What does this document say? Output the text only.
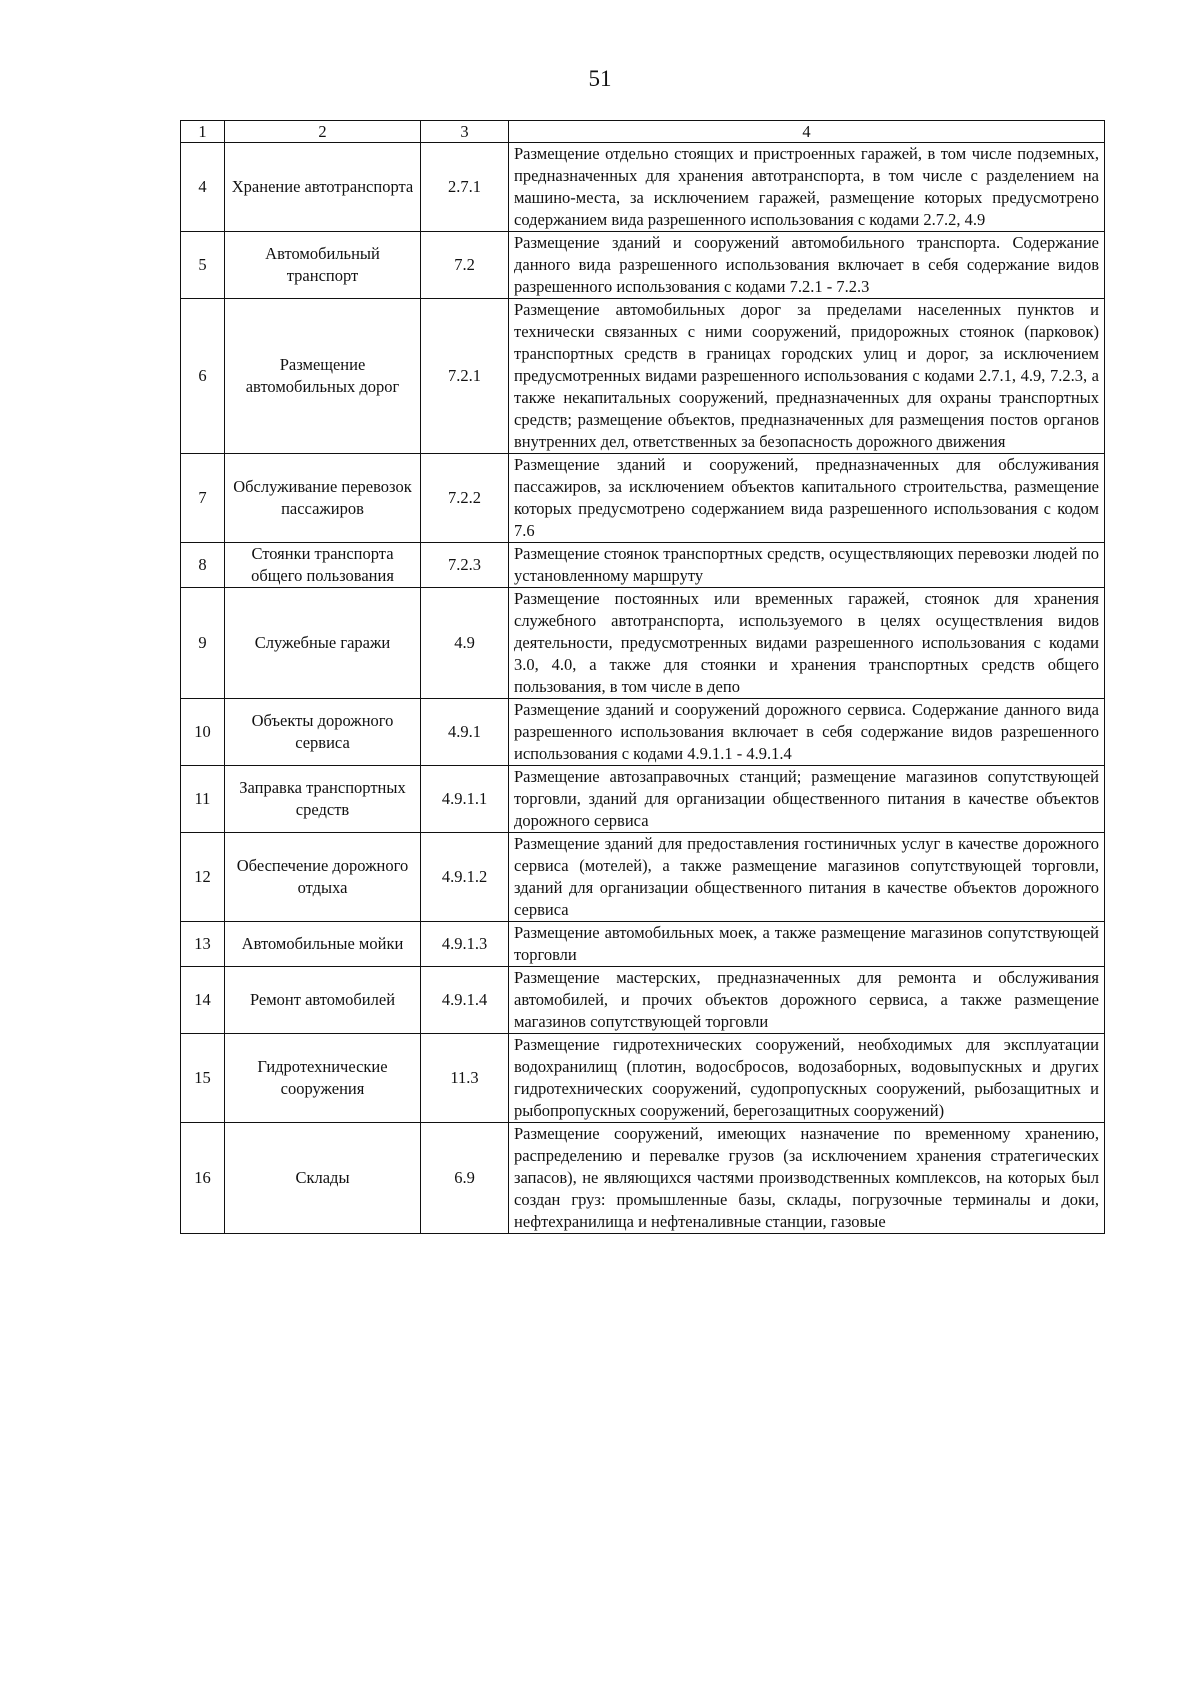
51
1	2	3	4
4	Хранение автотранспорта	2.7.1	Размещение отдельно стоящих и пристроенных гаражей, в том числе подземных, предназначенных для хранения автотранспорта, в том числе с разделением на машино-места, за исключением гаражей, размещение которых предусмотрено содержанием вида разрешенного использования с кодами 2.7.2, 4.9
5	Автомобильный транспорт	7.2	Размещение зданий и сооружений автомобильного транспорта. Содержание данного вида разрешенного использования включает в себя содержание видов разрешенного использования с кодами 7.2.1 - 7.2.3
6	Размещение автомобильных дорог	7.2.1	Размещение автомобильных дорог за пределами населенных пунктов и технически связанных с ними сооружений, придорожных стоянок (парковок) транспортных средств в границах городских улиц и дорог, за исключением предусмотренных видами разрешенного использования с кодами 2.7.1, 4.9, 7.2.3, а также некапитальных сооружений, предназначенных для охраны транспортных средств; размещение объектов, предназначенных для размещения постов органов внутренних дел, ответственных за безопасность дорожного движения
7	Обслуживание перевозок пассажиров	7.2.2	Размещение зданий и сооружений, предназначенных для обслуживания пассажиров, за исключением объектов капитального строительства, размещение которых предусмотрено содержанием вида разрешенного использования с кодом 7.6
8	Стоянки транспорта общего пользования	7.2.3	Размещение стоянок транспортных средств, осуществляющих перевозки людей по установленному маршруту
9	Служебные гаражи	4.9	Размещение постоянных или временных гаражей, стоянок для хранения служебного автотранспорта, используемого в целях осуществления видов деятельности, предусмотренных видами разрешенного использования с кодами 3.0, 4.0, а также для стоянки и хранения транспортных средств общего пользования, в том числе в депо
10	Объекты дорожного сервиса	4.9.1	Размещение зданий и сооружений дорожного сервиса. Содержание данного вида разрешенного использования включает в себя содержание видов разрешенного использования с кодами 4.9.1.1 - 4.9.1.4
11	Заправка транспортных средств	4.9.1.1	Размещение автозаправочных станций; размещение магазинов сопутствующей торговли, зданий для организации общественного питания в качестве объектов дорожного сервиса
12	Обеспечение дорожного отдыха	4.9.1.2	Размещение зданий для предоставления гостиничных услуг в качестве дорожного сервиса (мотелей), а также размещение магазинов сопутствующей торговли, зданий для организации общественного питания в качестве объектов дорожного сервиса
13	Автомобильные мойки	4.9.1.3	Размещение автомобильных моек, а также размещение магазинов сопутствующей торговли
14	Ремонт автомобилей	4.9.1.4	Размещение мастерских, предназначенных для ремонта и обслуживания автомобилей, и прочих объектов дорожного сервиса, а также размещение магазинов сопутствующей торговли
15	Гидротехнические сооружения	11.3	Размещение гидротехнических сооружений, необходимых для эксплуатации водохранилищ (плотин, водосбросов, водозаборных, водовыпускных и других гидротехнических сооружений, судопропускных сооружений, рыбозащитных и рыбопропускных сооружений, берегозащитных сооружений)
16	Склады	6.9	Размещение сооружений, имеющих назначение по временному хранению, распределению и перевалке грузов (за исключением хранения стратегических запасов), не являющихся частями производственных комплексов, на которых был создан груз: промышленные базы, склады, погрузочные терминалы и доки, нефтехранилища и нефтеналивные станции, газовые
